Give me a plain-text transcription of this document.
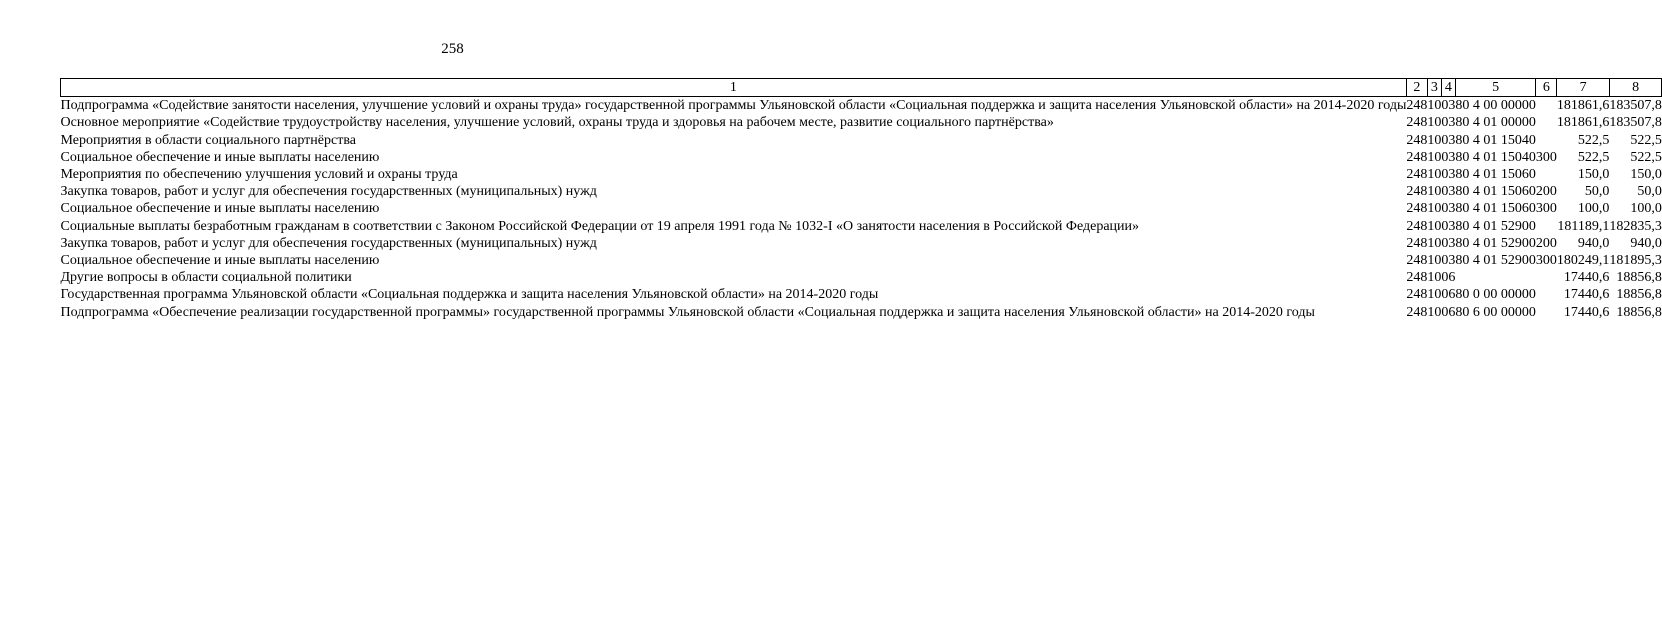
258
1	2	3	4	5	6	7	8
Подпрограмма «Содействие занятости населения, улучшение условий и охраны труда» государственной программы Ульяновской области «Социальная поддержка и защита населения Ульяновской области» на 2014-2020 годы	248	10	03	80 4 00 00000		181861,6	183507,8
Основное мероприятие «Содействие трудоустройству населения, улучшение условий, охраны труда и здоровья на рабочем месте, развитие социального партнёрства»	248	10	03	80 4 01 00000		181861,6	183507,8
Мероприятия в области социального партнёрства	248	10	03	80 4 01 15040		522,5	522,5
Социальное обеспечение и иные выплаты населению	248	10	03	80 4 01 15040	300	522,5	522,5
Мероприятия по обеспечению улучшения условий и охраны труда	248	10	03	80 4 01 15060		150,0	150,0
Закупка товаров, работ и услуг для обеспечения государственных (муниципальных) нужд	248	10	03	80 4 01 15060	200	50,0	50,0
Социальное обеспечение и иные выплаты населению	248	10	03	80 4 01 15060	300	100,0	100,0
Социальные выплаты безработным гражданам в соответствии с Законом Российской Федерации от 19 апреля 1991 года № 1032-I «О занятости населения в Российской Федерации»	248	10	03	80 4 01 52900		181189,1	182835,3
Закупка товаров, работ и услуг для обеспечения государственных (муниципальных) нужд	248	10	03	80 4 01 52900	200	940,0	940,0
Социальное обеспечение и иные выплаты населению	248	10	03	80 4 01 52900	300	180249,1	181895,3
Другие вопросы в области социальной политики	248	10	06			17440,6	18856,8
Государственная программа Ульяновской области «Социальная поддержка и защита населения Ульяновской области» на 2014-2020 годы	248	10	06	80 0 00 00000		17440,6	18856,8
Подпрограмма «Обеспечение реализации государственной программы» государственной программы Ульяновской области «Социальная поддержка и защита населения Ульяновской области» на 2014-2020 годы	248	10	06	80 6 00 00000		17440,6	18856,8
